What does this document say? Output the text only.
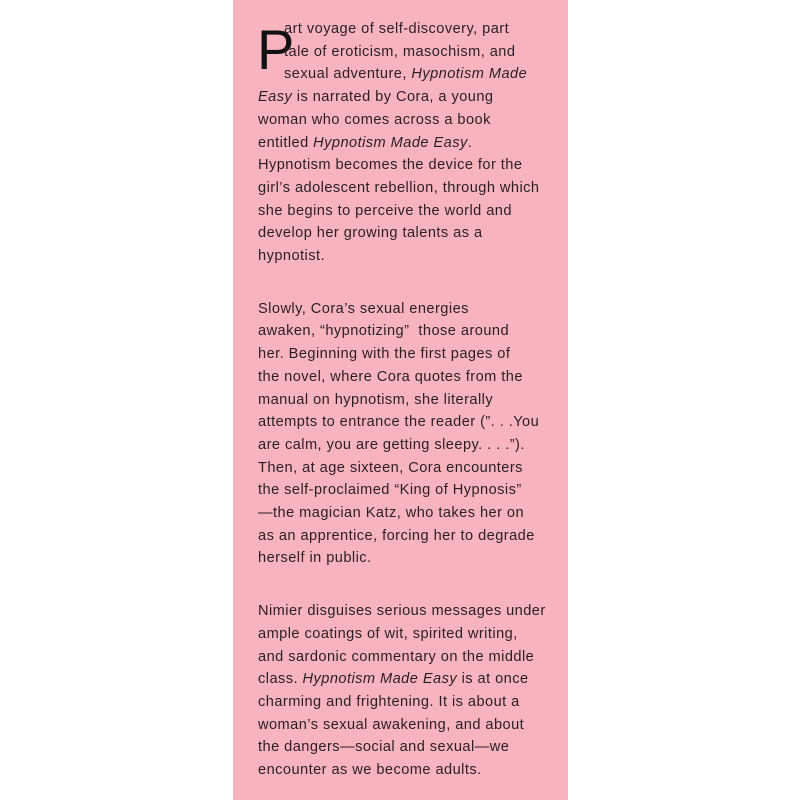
P
art voyage of self-discovery, part
tale of eroticism, masochism, and
sexual adventure, Hypnotism Made
Easy is narrated by Cora, a young
woman who comes across a book
entitled Hypnotism Made Easy.
Hypnotism becomes the device for the
girl’s adolescent rebellion, through which
she begins to perceive the world and
develop her growing talents as a
hypnotist.
Slowly, Cora’s sexual energies
awaken, “hypnotizing”  those around
her. Beginning with the first pages of
the novel, where Cora quotes from the
manual on hypnotism, she literally
attempts to entrance the reader (”. . .You
are calm, you are getting sleepy. . . .”).
Then, at age sixteen, Cora encounters
the self-proclaimed “King of Hypnosis”
—the magician Katz, who takes her on
as an apprentice, forcing her to degrade
herself in public.
Nimier disguises serious messages under
ample coatings of wit, spirited writing,
and sardonic commentary on the middle
class. Hypnotism Made Easy is at once
charming and frightening. It is about a
woman’s sexual awakening, and about
the dangers—social and sexual—we
encounter as we become adults.
